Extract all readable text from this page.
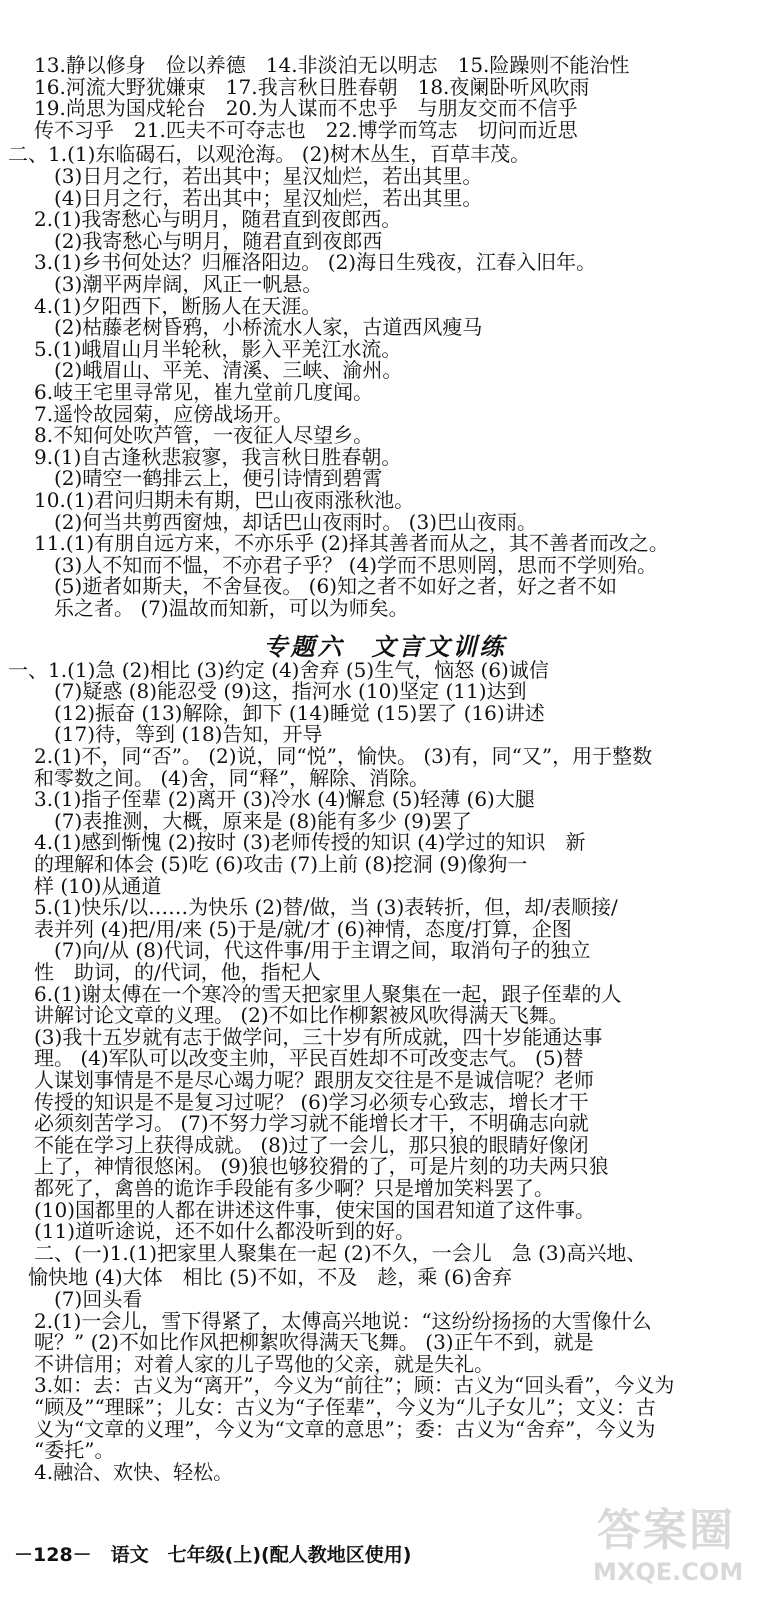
13.静以修身　俭以养德　14.非淡泊无以明志　15.险躁则不能治性
16.河流大野犹嫌束　17.我言秋日胜春朝　18.夜阑卧听风吹雨
19.尚思为国戍轮台　20.为人谋而不忠乎　与朋友交而不信乎
传不习乎　21.匹夫不可夺志也　22.博学而笃志　切问而近思
二、1.(1)东临碣石，以观沧海。 (2)树木丛生，百草丰茂。
　(3)日月之行，若出其中；星汉灿烂，若出其里。
　(4)日月之行，若出其中；星汉灿烂，若出其里。
2.(1)我寄愁心与明月，随君直到夜郎西。
　(2)我寄愁心与明月，随君直到夜郎西
3.(1)乡书何处达？归雁洛阳边。 (2)海日生残夜，江春入旧年。
　(3)潮平两岸阔，风正一帆悬。
4.(1)夕阳西下，断肠人在天涯。
　(2)枯藤老树昏鸦，小桥流水人家，古道西风瘦马
5.(1)峨眉山月半轮秋，影入平羌江水流。
　(2)峨眉山、平羌、清溪、三峡、渝州。
6.岐王宅里寻常见，崔九堂前几度闻。
7.遥怜故园菊，应傍战场开。
8.不知何处吹芦管，一夜征人尽望乡。
9.(1)自古逢秋悲寂寥，我言秋日胜春朝。
　(2)晴空一鹤排云上，便引诗情到碧霄
10.(1)君问归期未有期，巴山夜雨涨秋池。
　(2)何当共剪西窗烛，却话巴山夜雨时。 (3)巴山夜雨。
11.(1)有朋自远方来，不亦乐乎 (2)择其善者而从之，其不善者而改之。
　(3)人不知而不愠，不亦君子乎？ (4)学而不思则罔，思而不学则殆。
　(5)逝者如斯夫，不舍昼夜。 (6)知之者不如好之者，好之者不如
　乐之者。 (7)温故而知新，可以为师矣。
一、1.(1)急 (2)相比 (3)约定 (4)舍弃 (5)生气，恼怒 (6)诚信
　(7)疑惑 (8)能忍受 (9)这，指河水 (10)坚定 (11)达到
　(12)振奋 (13)解除，卸下 (14)睡觉 (15)罢了 (16)讲述
　(17)待，等到 (18)告知，开导
2.(1)不，同“否”。 (2)说，同“悦”，愉快。 (3)有，同“又”，用于整数
和零数之间。 (4)舍，同“释”，解除、消除。
3.(1)指子侄辈 (2)离开 (3)冷水 (4)懈怠 (5)轻薄 (6)大腿
　(7)表推测，大概，原来是 (8)能有多少 (9)罢了
4.(1)感到惭愧 (2)按时 (3)老师传授的知识 (4)学过的知识　新
的理解和体会 (5)吃 (6)攻击 (7)上前 (8)挖洞 (9)像狗一
样 (10)从通道
5.(1)快乐/以……为快乐 (2)替/做，当 (3)表转折，但，却/表顺接/
表并列 (4)把/用/来 (5)于是/就/才 (6)神情，态度/打算，企图
　(7)向/从 (8)代词，代这件事/用于主谓之间，取消句子的独立
性　助词，的/代词，他，指杞人
6.(1)谢太傅在一个寒冷的雪天把家里人聚集在一起，跟子侄辈的人
讲解讨论文章的义理。 (2)不如比作柳絮被风吹得满天飞舞。
(3)我十五岁就有志于做学问，三十岁有所成就，四十岁能通达事
理。 (4)军队可以改变主帅，平民百姓却不可改变志气。 (5)替
人谋划事情是不是尽心竭力呢？跟朋友交往是不是诚信呢？老师
传授的知识是不是复习过呢？ (6)学习必须专心致志，增长才干
必须刻苦学习。 (7)不努力学习就不能增长才干，不明确志向就
不能在学习上获得成就。 (8)过了一会儿，那只狼的眼睛好像闭
上了，神情很悠闲。 (9)狼也够狡猾的了，可是片刻的功夫两只狼
都死了，禽兽的诡诈手段能有多少啊？只是增加笑料罢了。
(10)国都里的人都在讲述这件事，使宋国的国君知道了这件事。
(11)道听途说，还不如什么都没听到的好。
二、(一)1.(1)把家里人聚集在一起 (2)不久，一会儿　急 (3)高兴地、
　愉快地 (4)大体　相比 (5)不如，不及　趁，乘 (6)舍弃
　(7)回头看
2.(1)一会儿，雪下得紧了，太傅高兴地说：“这纷纷扬扬的大雪像什么
呢？” (2)不如比作风把柳絮吹得满天飞舞。 (3)正午不到，就是
不讲信用；对着人家的儿子骂他的父亲，就是失礼。
3.如：去：古义为“离开”，今义为“前往”；顾：古义为“回头看”，今义为
“顾及”“理睬”；儿女：古义为“子侄辈”，今义为“儿子女儿”；文义：古
义为“文章的义理”，今义为“文章的意思”；委：古义为“舍弃”，今义为
“委托”。
4.融洽、欢快、轻松。
专题六　文言文训练
－128－　语文　七年级(上)(配人教地区使用)	答案圈
MXQE.COM
